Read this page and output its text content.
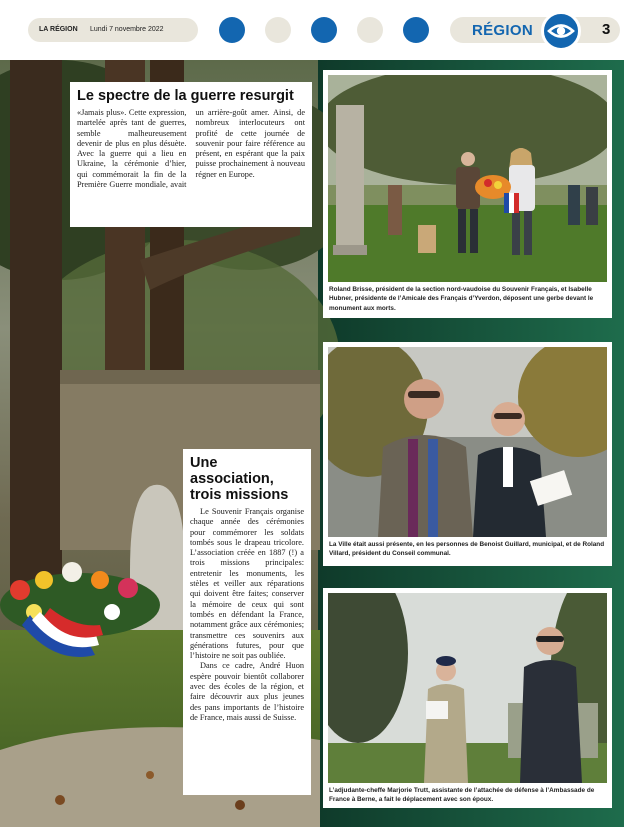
LA RÉGION Lundi 7 novembre 2022	RÉGION	3
Le spectre de la guerre resurgit
«Jamais plus». Cette expression, martelée après tant de guerres, semble malheureusement devenir de plus en plus désuète. Avec la guerre qui a lieu en Ukraine, la cérémonie d’hier, qui commémorait la fin de la Première Guerre mondiale, avait un arrière-goût amer. Ainsi, de nombreux interlocuteurs ont profité de cette journée de souvenir pour faire référence au présent, en espérant que la paix puisse prochainement à nouveau régner en Europe.
Une association, trois missions

Le Souvenir Français organise chaque année des cérémonies pour commémorer les soldats tombés sous le drapeau tricolore. L’association créée en 1887 (!) a trois missions principales: entretenir les monuments, les stèles et veiller aux réparations qui doivent être faites; conserver la mémoire de ceux qui sont tombés en défendant la France, notamment grâce aux cérémonies; transmettre ces souvenirs aux générations futures, pour que l’histoire ne soit pas oubliée.

Dans ce cadre, André Huon espère pouvoir bientôt collaborer avec des écoles de la région, et faire découvrir aux plus jeunes des pans importants de l’histoire de France, mais aussi de Suisse.

Roland Brisse, président de la section nord-vaudoise du Souvenir Français, et Isabelle Hubner, présidente de l’Amicale des Français d’Yverdon, déposent une gerbe devant le monument aux morts.
La Ville était aussi présente, en les personnes de Benoist Guillard, municipal, et de Roland Villard, président du Conseil communal.
L’adjudante-cheffe Marjorie Trutt, assistante de l’attachée de défense à l’Ambassade de France à Berne, a fait le déplacement avec son époux.
